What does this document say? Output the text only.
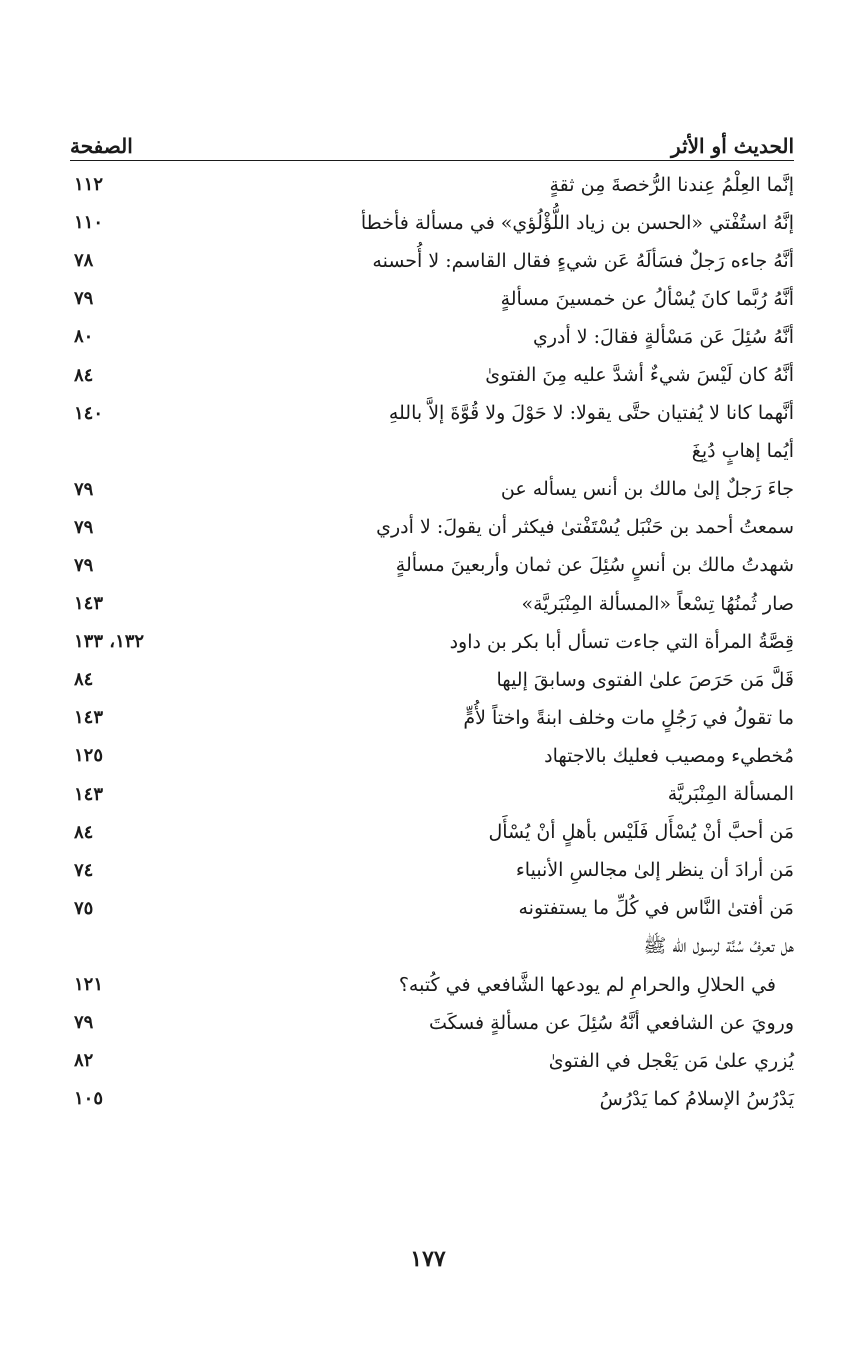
الحديث أو الأثر
الصفحة
إنَّما العِلْمُ عِندنا الرُّخصةَ مِن ثقةٍ
١١٢
إنَّهُ استُفْتي «الحسن بن زياد اللُّؤْلُؤي» في مسألة فأخطأ
١١٠
أنَّهُ جاءه رَجلٌ فسَألَهُ عَن شيءٍ فقال القاسم: لا أُحسنه
٧٨
أنَّهُ رُبَّما كانَ يُسْألُ عن خمسينَ مسألةٍ
٧٩
أنَّهُ سُئِلَ عَن مَسْألةٍ فقالَ: لا أدري
٨٠
أنَّهُ كان لَيْسَ شيءٌ أشدَّ عليه مِنَ الفتوىٰ
٨٤
أنَّهما كانا لا يُفتيان حتَّى يقولا: لا حَوْلَ ولا قُوَّةَ إلاَّ باللهِ
١٤٠
أيُما إهابٍ دُبِغَ
جاءَ رَجلٌ إلىٰ مالك بن أنس يسأله عن
٧٩
سمعتُ أحمد بن حَنْبَل يُسْتَفْتىٰ فيكثر أن يقولَ: لا أدري
٧٩
شهدتُ مالك بن أنسٍ سُئِلَ عن ثمان وأربعينَ مسألةٍ
٧٩
صار ثُمنُهُا تِسْعاً «المسألة المِنْبَريَّة»
١٤٣
قِصَّةُ المرأة التي جاءت تسأل أبا بكر بن داود
١٣٢، ١٣٣
قَلَّ مَن حَرَصَ علىٰ الفتوى وسابقَ إليها
٨٤
ما تقولُ في رَجُلٍ مات وخلف ابنةً واختاً لأُمٍّ
١٤٣
مُخطيء ومصيب فعليك بالاجتهاد
١٢٥
المسألة المِنْبَريَّة
١٤٣
مَن أحبَّ أنْ يُسْأَل فَلَيْس بأهلٍ أنْ يُسْأَل
٨٤
مَن أرادَ أن ينظر إلىٰ مجالسِ الأنبياء
٧٤
مَن أفتىٰ النَّاس في كُلِّ ما يستفتونه
٧٥
هل تعرفُ سُنَّة لرسول الله ﷺ
في الحلالِ والحرامِ لم يودعها الشَّافعي في كُتبه؟
١٢١
ورويَ عن الشافعي أنَّهُ سُئِلَ عن مسألةٍ فسكَتَ
٧٩
يُزري علىٰ مَن يَعْجل في الفتوىٰ
٨٢
يَدْرُسُ الإسلامُ كما يَدْرُسُ
١٠٥
١٧٧
